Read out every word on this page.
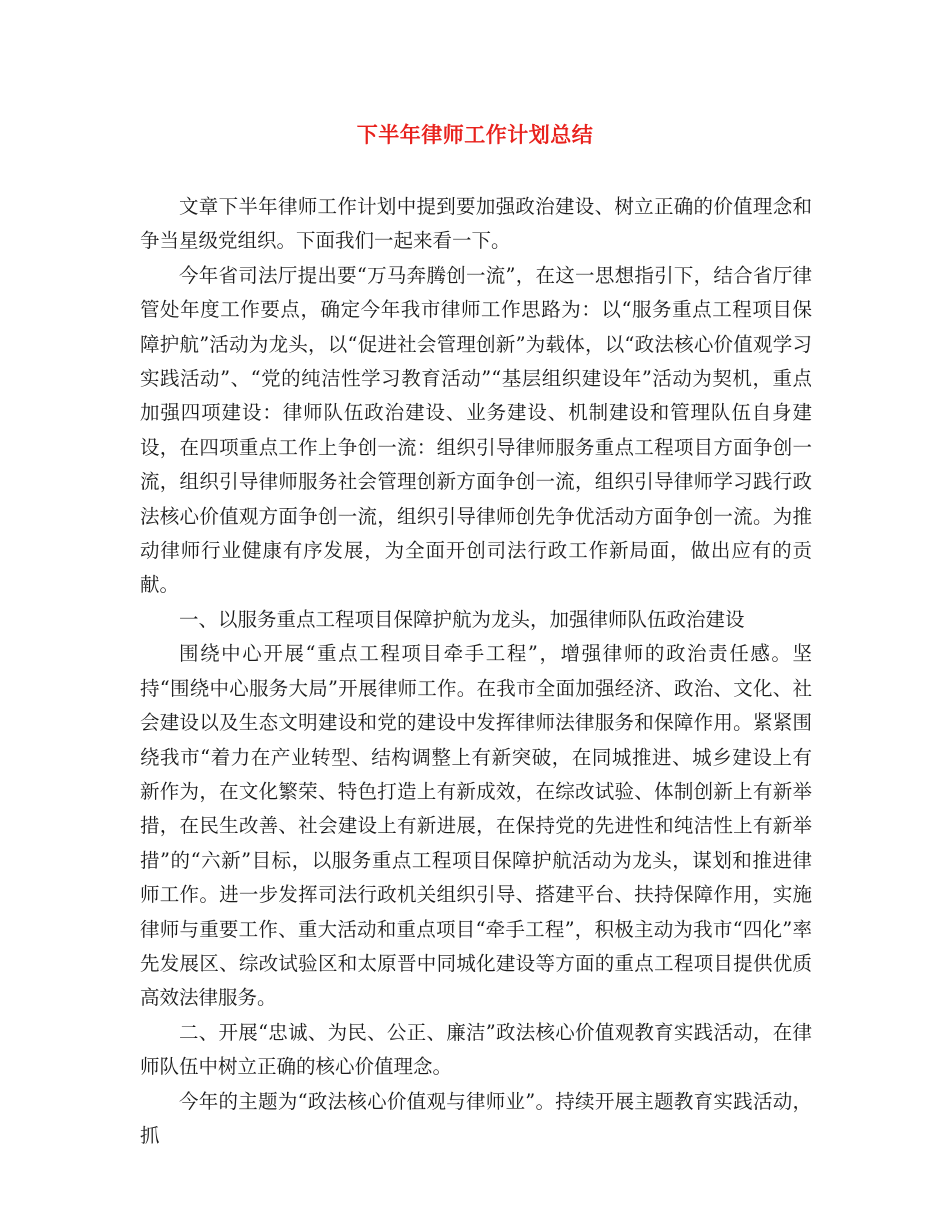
下半年律师工作计划总结

文章下半年律师工作计划中提到要加强政治建设、树立正确的价值理念和争当星级党组织。下面我们一起来看一下。

今年省司法厅提出要“万马奔腾创一流”，在这一思想指引下，结合省厅律管处年度工作要点，确定今年我市律师工作思路为：以“服务重点工程项目保障护航”活动为龙头，以“促进社会管理创新”为载体，以“政法核心价值观学习实践活动”、“党的纯洁性学习教育活动”“基层组织建设年”活动为契机，重点加强四项建设：律师队伍政治建设、业务建设、机制建设和管理队伍自身建设，在四项重点工作上争创一流：组织引导律师服务重点工程项目方面争创一流，组织引导律师服务社会管理创新方面争创一流，组织引导律师学习践行政法核心价值观方面争创一流，组织引导律师创先争优活动方面争创一流。为推动律师行业健康有序发展，为全面开创司法行政工作新局面，做出应有的贡献。

一、以服务重点工程项目保障护航为龙头，加强律师队伍政治建设

围绕中心开展“重点工程项目牵手工程”，增强律师的政治责任感。坚持“围绕中心服务大局”开展律师工作。在我市全面加强经济、政治、文化、社会建设以及生态文明建设和党的建设中发挥律师法律服务和保障作用。紧紧围绕我市“着力在产业转型、结构调整上有新突破，在同城推进、城乡建设上有新作为，在文化繁荣、特色打造上有新成效，在综改试验、体制创新上有新举措，在民生改善、社会建设上有新进展，在保持党的先进性和纯洁性上有新举措”的“六新”目标，以服务重点工程项目保障护航活动为龙头，谋划和推进律师工作。进一步发挥司法行政机关组织引导、搭建平台、扶持保障作用，实施律师与重要工作、重大活动和重点项目“牵手工程”，积极主动为我市“四化”率先发展区、综改试验区和太原晋中同城化建设等方面的重点工程项目提供优质高效法律服务。

二、开展“忠诚、为民、公正、廉洁”政法核心价值观教育实践活动，在律师队伍中树立正确的核心价值理念。

今年的主题为“政法核心价值观与律师业”。持续开展主题教育实践活动，抓
